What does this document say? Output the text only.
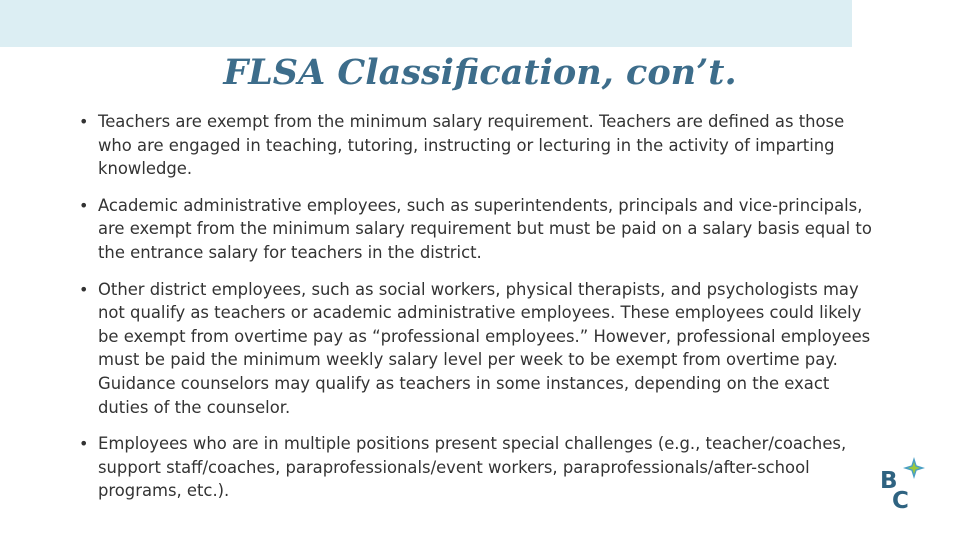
FLSA Classification, con’t.
• Teachers are exempt from the minimum salary requirement. Teachers are defined as those who are engaged in teaching, tutoring, instructing or lecturing in the activity of imparting knowledge.
• Academic administrative employees, such as superintendents, principals and vice-principals, are exempt from the minimum salary requirement but must be paid on a salary basis equal to the entrance salary for teachers in the district.
• Other district employees, such as social workers, physical therapists, and psychologists may not qualify as teachers or academic administrative employees. These employees could likely be exempt from overtime pay as “professional employees.” However, professional employees must be paid the minimum weekly salary level per week to be exempt from overtime pay. Guidance counselors may qualify as teachers in some instances, depending on the exact duties of the counselor.
• Employees who are in multiple positions present special challenges (e.g., teacher/coaches, support staff/coaches, paraprofessionals/event workers, paraprofessionals/after-school programs, etc.).	B
C
